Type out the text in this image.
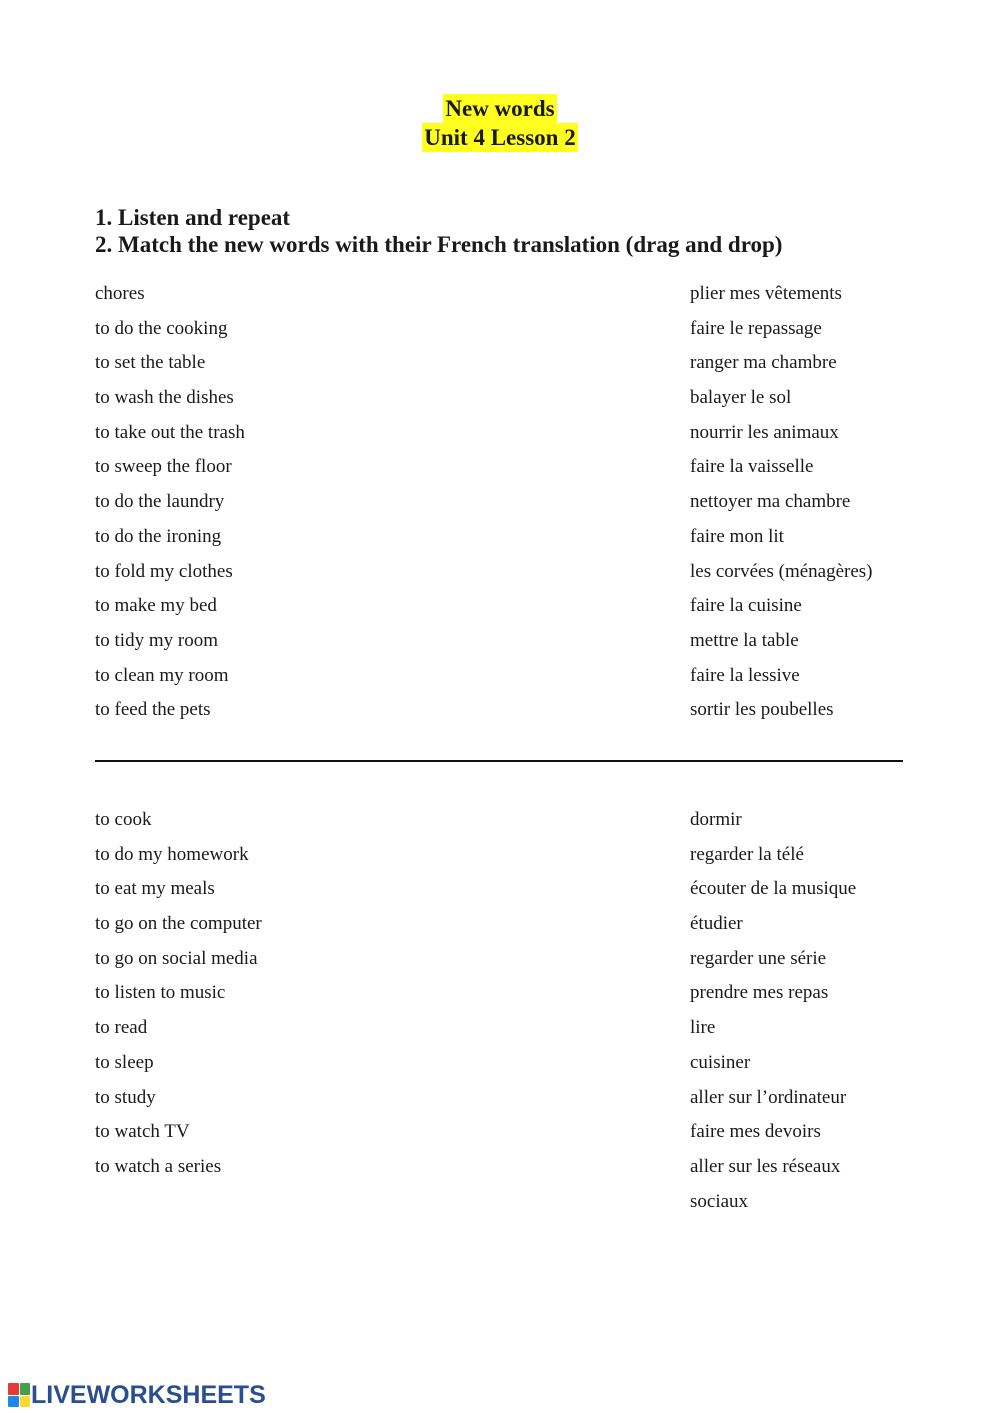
New words
Unit 4 Lesson 2
1. Listen and repeat
2. Match the new words with their French translation (drag and drop)
chores
to do the cooking
to set the table
to wash the dishes
to take out the trash
to sweep the floor
to do the laundry
to do the ironing
to fold my clothes
to make my bed
to tidy my room
to clean my room
to feed the pets
plier mes vêtements
faire le repassage
ranger ma chambre
balayer le sol
nourrir les animaux
faire la vaisselle
nettoyer ma chambre
faire mon lit
les corvées (ménagères)
faire la cuisine
mettre la table
faire la lessive
sortir les poubelles
to cook
to do my homework
to eat my meals
to go on the computer
to go on social media
to listen to music
to read
to sleep
to study
to watch TV
to watch a series
dormir
regarder la télé
écouter de la musique
étudier
regarder une série
prendre mes repas
lire
cuisiner
aller sur l’ordinateur
faire mes devoirs
aller sur les réseaux
sociaux
LIVEWORKSHEETS
